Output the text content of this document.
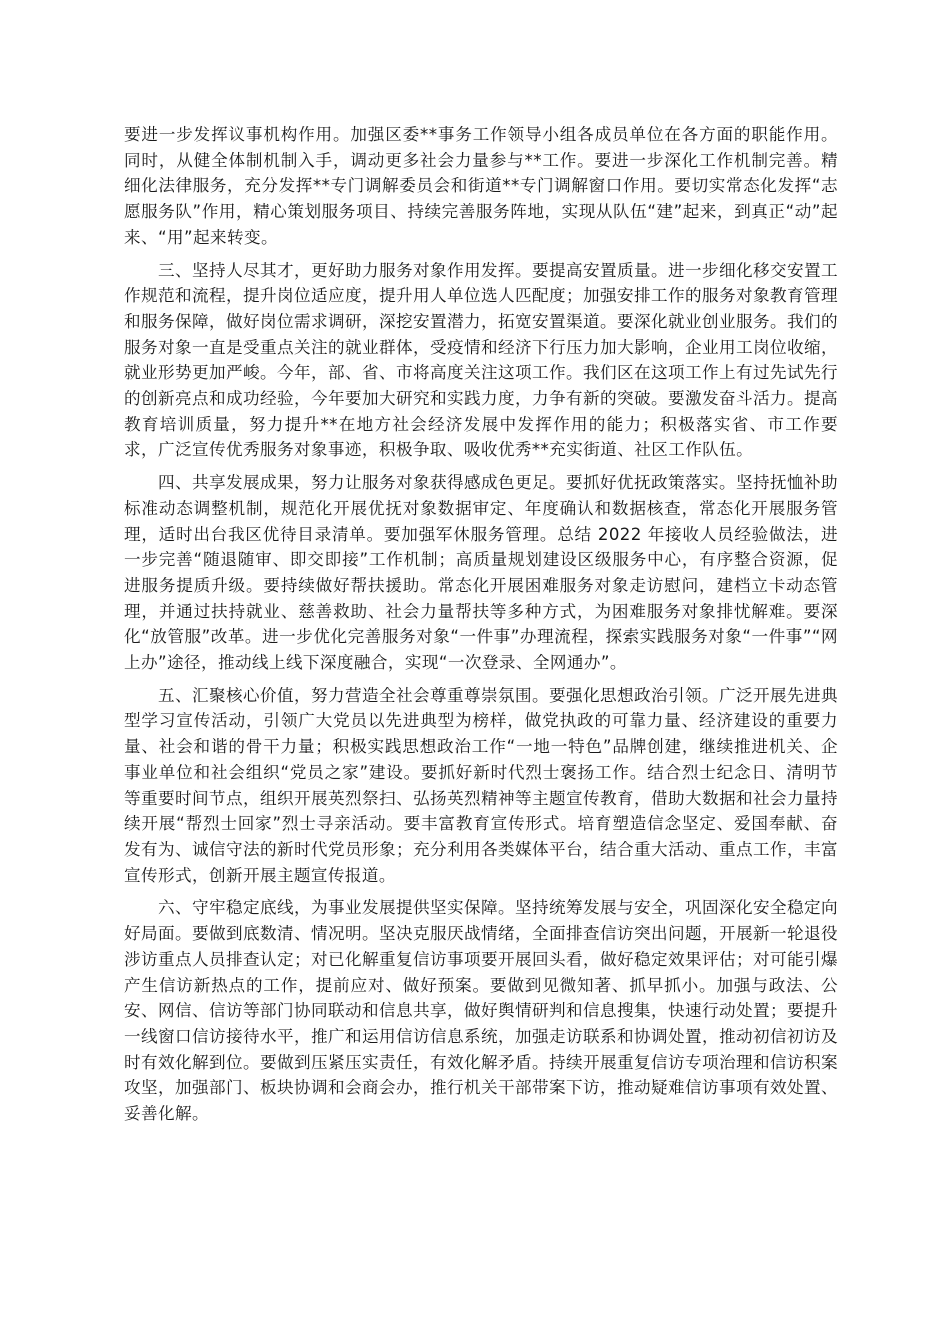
要进一步发挥议事机构作用。加强区委**事务工作领导小组各成员单位在各方面的职能作用。同时，从健全体制机制入手，调动更多社会力量参与**工作。要进一步深化工作机制完善。精细化法律服务，充分发挥**专门调解委员会和街道**专门调解窗口作用。要切实常态化发挥“志愿服务队”作用，精心策划服务项目、持续完善服务阵地，实现从队伍“建”起来，到真正“动”起来、“用”起来转变。

三、坚持人尽其才，更好助力服务对象作用发挥。要提高安置质量。进一步细化移交安置工作规范和流程，提升岗位适应度，提升用人单位选人匹配度；加强安排工作的服务对象教育管理和服务保障，做好岗位需求调研，深挖安置潜力，拓宽安置渠道。要深化就业创业服务。我们的服务对象一直是受重点关注的就业群体，受疫情和经济下行压力加大影响，企业用工岗位收缩，就业形势更加严峻。今年，部、省、市将高度关注这项工作。我们区在这项工作上有过先试先行的创新亮点和成功经验，今年要加大研究和实践力度，力争有新的突破。要激发奋斗活力。提高教育培训质量，努力提升**在地方社会经济发展中发挥作用的能力；积极落实省、市工作要求，广泛宣传优秀服务对象事迹，积极争取、吸收优秀**充实街道、社区工作队伍。

四、共享发展成果，努力让服务对象获得感成色更足。要抓好优抚政策落实。坚持抚恤补助标准动态调整机制，规范化开展优抚对象数据审定、年度确认和数据核查，常态化开展服务管理，适时出台我区优待目录清单。要加强军休服务管理。总结 2022 年接收人员经验做法，进一步完善“随退随审、即交即接”工作机制；高质量规划建设区级服务中心，有序整合资源，促进服务提质升级。要持续做好帮扶援助。常态化开展困难服务对象走访慰问，建档立卡动态管理，并通过扶持就业、慈善救助、社会力量帮扶等多种方式，为困难服务对象排忧解难。要深化“放管服”改革。进一步优化完善服务对象“一件事”办理流程，探索实践服务对象“一件事”“网上办”途径，推动线上线下深度融合，实现“一次登录、全网通办”。

五、汇聚核心价值，努力营造全社会尊重尊崇氛围。要强化思想政治引领。广泛开展先进典型学习宣传活动，引领广大党员以先进典型为榜样，做党执政的可靠力量、经济建设的重要力量、社会和谐的骨干力量；积极实践思想政治工作“一地一特色”品牌创建，继续推进机关、企事业单位和社会组织“党员之家”建设。要抓好新时代烈士褒扬工作。结合烈士纪念日、清明节等重要时间节点，组织开展英烈祭扫、弘扬英烈精神等主题宣传教育，借助大数据和社会力量持续开展“帮烈士回家”烈士寻亲活动。要丰富教育宣传形式。培育塑造信念坚定、爱国奉献、奋发有为、诚信守法的新时代党员形象；充分利用各类媒体平台，结合重大活动、重点工作，丰富宣传形式，创新开展主题宣传报道。

六、守牢稳定底线，为事业发展提供坚实保障。坚持统筹发展与安全，巩固深化安全稳定向好局面。要做到底数清、情况明。坚决克服厌战情绪，全面排查信访突出问题，开展新一轮退役涉访重点人员排查认定；对已化解重复信访事项要开展回头看，做好稳定效果评估；对可能引爆产生信访新热点的工作，提前应对、做好预案。要做到见微知著、抓早抓小。加强与政法、公安、网信、信访等部门协同联动和信息共享，做好舆情研判和信息搜集，快速行动处置；要提升一线窗口信访接待水平，推广和运用信访信息系统，加强走访联系和协调处置，推动初信初访及时有效化解到位。要做到压紧压实责任，有效化解矛盾。持续开展重复信访专项治理和信访积案攻坚，加强部门、板块协调和会商会办，推行机关干部带案下访，推动疑难信访事项有效处置、妥善化解。
